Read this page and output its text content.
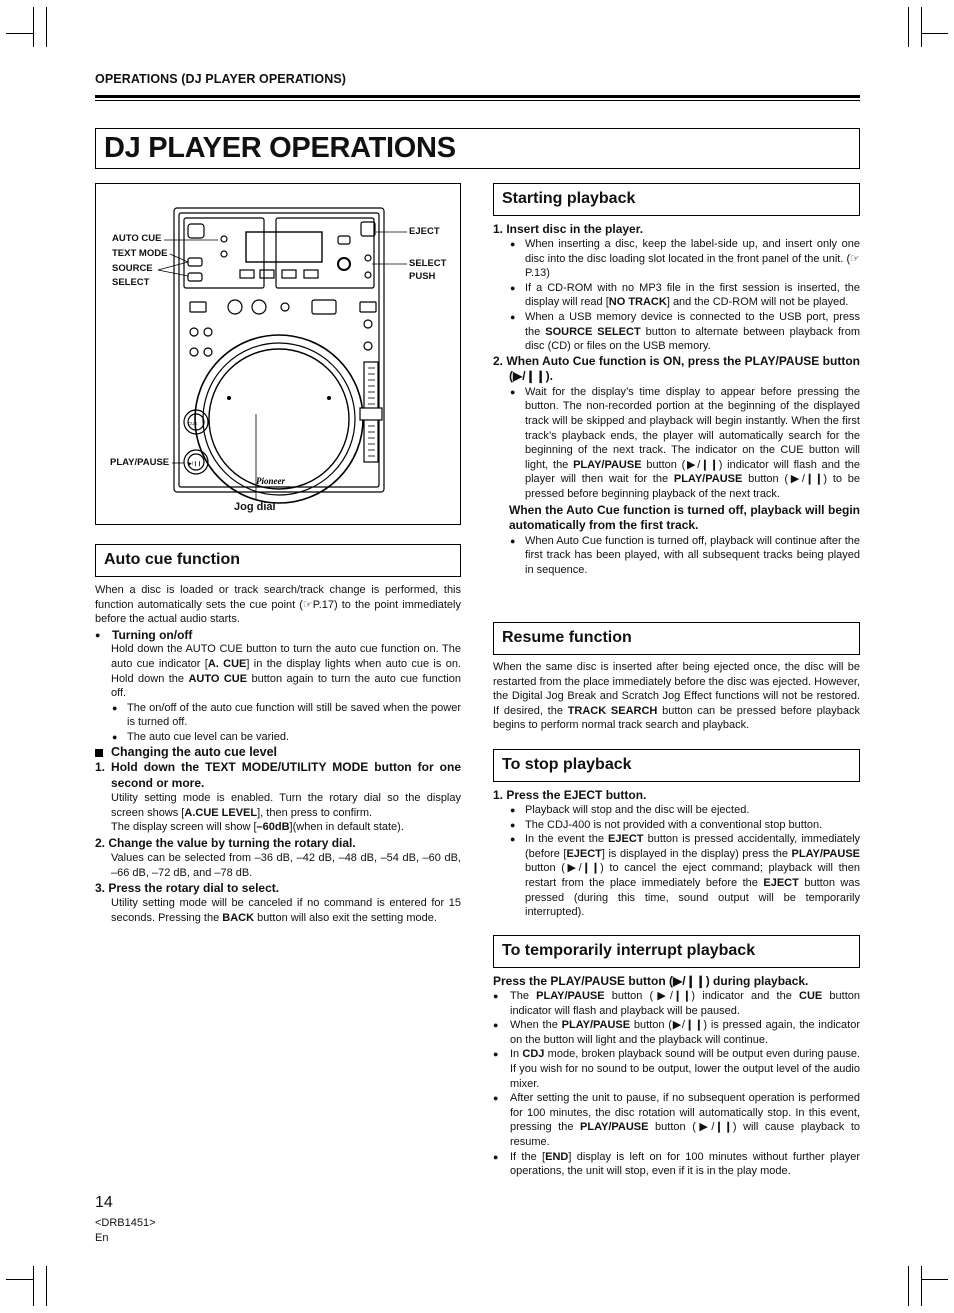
OPERATIONS (DJ PLAYER OPERATIONS)
DJ PLAYER OPERATIONS
CUE
▶/❙❙
Pioneer
AUTO CUE
TEXT MODE
SOURCE
SELECT
EJECT
SELECT
PUSH
PLAY/PAUSE
Jog dial
Auto cue function

When a disc is loaded or track search/track change is performed, this function automatically sets the cue point (☞P.17) to the point immediately before the actual audio starts.

● Turning on/off

Hold down the AUTO CUE button to turn the auto cue function on. The auto cue indicator [A. CUE] in the display lights when auto cue is on. Hold down the AUTO CUE button again to turn the auto cue function off.

● The on/off of the auto cue function will still be saved when the power is turned off.

● The auto cue level can be varied.

Changing the auto cue level

1. Hold down the TEXT MODE/UTILITY MODE button for one second or more.

Utility setting mode is enabled. Turn the rotary dial so the display screen shows [A.CUE LEVEL], then press to confirm.
The display screen will show [–60dB](when in default state).

2. Change the value by turning the rotary dial.

Values can be selected from –36 dB, –42 dB, –48 dB, –54 dB, –60 dB, –66 dB, –72 dB, and –78 dB.

3. Press the rotary dial to select.

Utility setting mode will be canceled if no command is entered for 15 seconds. Pressing the BACK button will also exit the setting mode.

Starting playback

1. Insert disc in the player.

● When inserting a disc, keep the label-side up, and insert only one disc into the disc loading slot located in the front panel of the unit. (☞P.13)

● If a CD-ROM with no MP3 file in the first session is inserted, the display will read [NO TRACK] and the CD-ROM will not be played.

● When a USB memory device is connected to the USB port, press the SOURCE SELECT button to alternate between playback from disc (CD) or files on the USB memory.

2. When Auto Cue function is ON, press the PLAY/PAUSE button (▶/❙❙).

● Wait for the display’s time display to appear before pressing the button. The non-recorded portion at the beginning of the displayed track will be skipped and playback will begin instantly. When the first track’s playback ends, the player will automatically search for the beginning of the next track. The indicator on the CUE button will light, the PLAY/PAUSE button (▶/❙❙) indicator will flash and the player will then wait for the PLAY/PAUSE button (▶/❙❙) to be pressed before beginning playback of the next track.

When the Auto Cue function is turned off, playback will begin automatically from the first track.

● When Auto Cue function is turned off, playback will continue after the first track has been played, with all subsequent tracks being played in sequence.

Resume function

When the same disc is inserted after being ejected once, the disc will be restarted from the place immediately before the disc was ejected. However, the Digital Jog Break and Scratch Jog Effect functions will not be restored. If desired, the TRACK SEARCH button can be pressed before playback begins to perform normal track search and playback.

To stop playback

1. Press the EJECT button.

● Playback will stop and the disc will be ejected.

● The CDJ-400 is not provided with a conventional stop button.

● In the event the EJECT button is pressed accidentally, immediately (before [EJECT] is displayed in the display) press the PLAY/PAUSE button (▶/❙❙) to cancel the eject command; playback will then restart from the place immediately before the EJECT button was pressed (during this time, sound output will be temporarily interrupted).

To temporarily interrupt playback

Press the PLAY/PAUSE button (▶/❙❙) during playback.

● The PLAY/PAUSE button (▶/❙❙) indicator and the CUE button indicator will flash and playback will be paused.

● When the PLAY/PAUSE button (▶/❙❙) is pressed again, the indicator on the button will light and the playback will continue.

● In CDJ mode, broken playback sound will be output even during pause. If you wish for no sound to be output, lower the output level of the audio mixer.

● After setting the unit to pause, if no subsequent operation is performed for 100 minutes, the disc rotation will automatically stop. In this event, pressing the PLAY/PAUSE button (▶/❙❙) will cause playback to resume.

● If the [END] display is left on for 100 minutes without further player operations, the unit will stop, even if it is in the play mode.

14
<DRB1451>
En
